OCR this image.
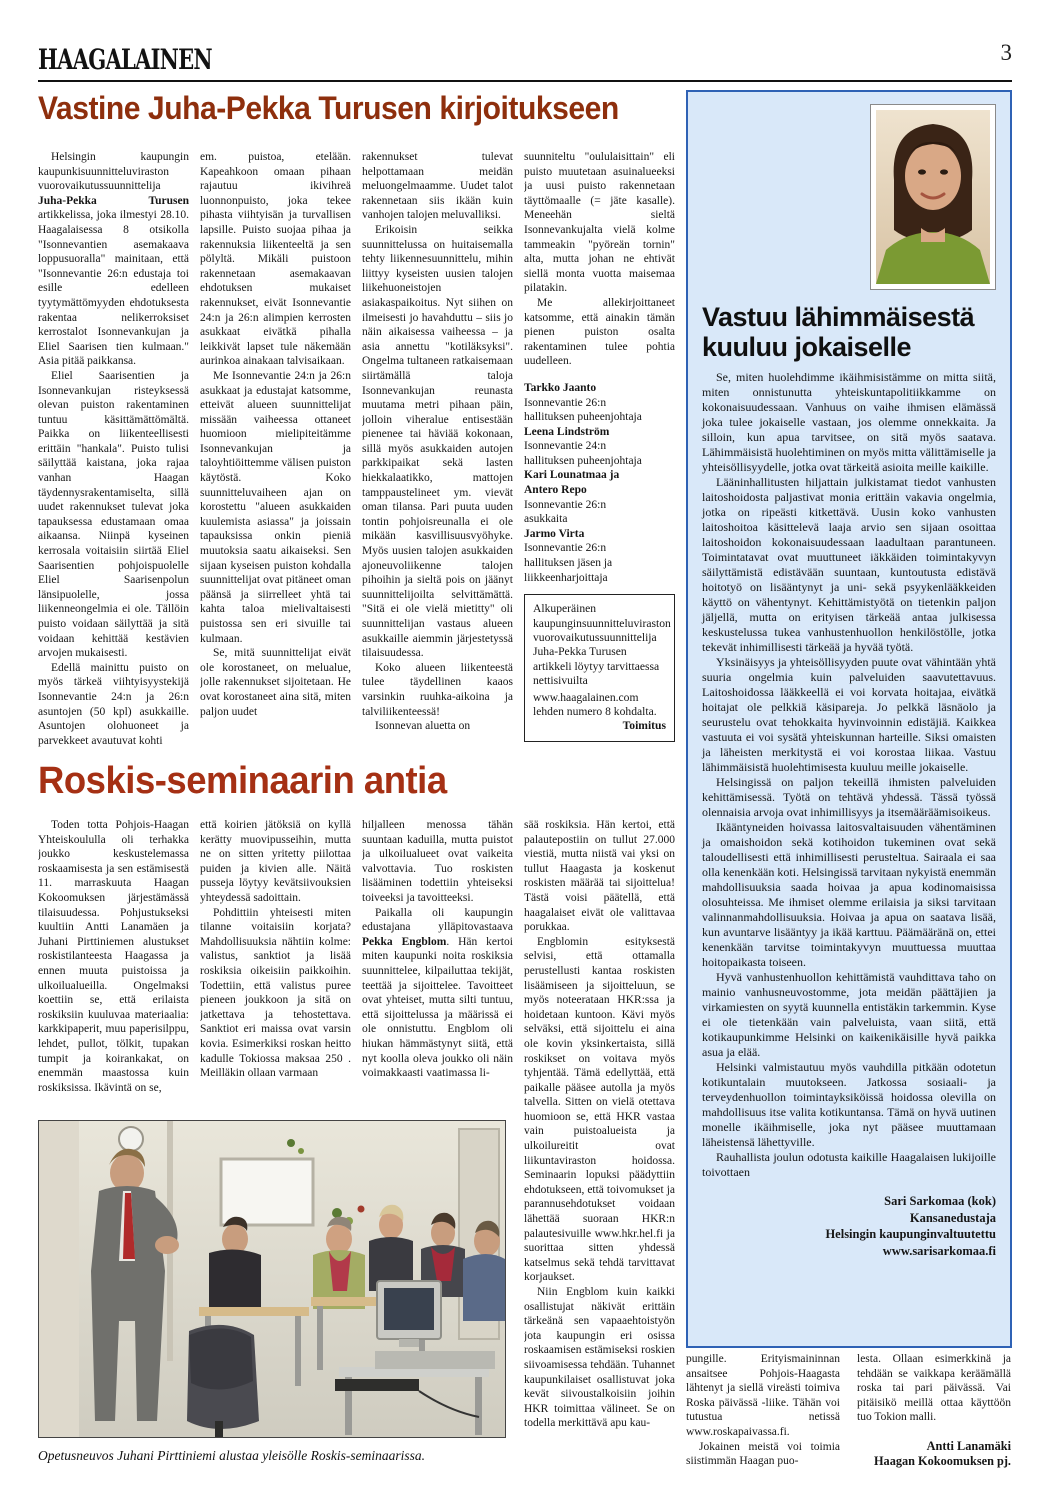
HAAGALAINEN	3
Vastine Juha-Pekka Turusen kirjoitukseen

Helsingin kaupungin kaupunkisuunnitteluviraston vuorovaikutussuunnittelija Juha-Pekka Turusen artikkelissa, joka ilmestyi 28.10. Haagalaisessa 8 otsikolla "Isonnevantien asemakaava loppusuoralla" mainitaan, että "Isonnevantie 26:n edustaja toi esille edelleen tyytymättömyyden ehdotuksesta rakentaa nelikerroksiset kerrostalot Isonnevankujan ja Eliel Saarisen tien kulmaan." Asia pitää paikkansa.

Eliel Saarisentien ja Isonnevankujan risteyksessä olevan puiston rakentaminen tuntuu käsittämättömältä. Paikka on liikenteellisesti erittäin "hankala". Puisto tulisi säilyttää kaistana, joka rajaa vanhan Haagan täydennysrakentamiselta, sillä uudet rakennukset tulevat joka tapauksessa edustamaan omaa aikaansa. Niinpä kyseinen kerrosala voitaisiin siirtää Eliel Saarisentien pohjoispuolelle Eliel Saarisenpolun länsipuolelle, jossa liikenneongelmia ei ole. Tällöin puisto voidaan säilyttää ja sitä voidaan kehittää kestävien arvojen mukaisesti.

Edellä mainittu puisto on myös tärkeä viihtyisyystekijä Isonnevantie 24:n ja 26:n asuntojen (50 kpl) asukkaille. Asuntojen olohuoneet ja parvekkeet avautuvat kohti

em. puistoa, etelään. Kapeahkoon omaan pihaan rajautuu ikivihreä luonnonpuisto, joka tekee pihasta viihtyisän ja turvallisen lapsille. Puisto suojaa pihaa ja rakennuksia liikenteeltä ja sen pölyltä. Mikäli puistoon rakennetaan asemakaavan ehdotuksen mukaiset rakennukset, eivät Isonnevantie 24:n ja 26:n alimpien kerrosten asukkaat eivätkä pihalla leikkivät lapset tule näkemään aurinkoa ainakaan talvisaikaan.

Me Isonnevantie 24:n ja 26:n asukkaat ja edustajat katsomme, etteivät alueen suunnittelijat missään vaiheessa ottaneet huomioon mielipiteitämme Isonnevankujan ja taloyhtiöittemme välisen puiston käytöstä. Koko suunnitteluvaiheen ajan on korostettu "alueen asukkaiden kuulemista asiassa" ja joissain tapauksissa onkin pieniä muutoksia saatu aikaiseksi. Sen sijaan kyseisen puiston kohdalla suunnittelijat ovat pitäneet oman päänsä ja siirrelleet yhtä tai kahta taloa mielivaltaisesti puistossa sen eri sivuille tai kulmaan.

Se, mitä suunnittelijat eivät ole korostaneet, on melualue, jolle rakennukset sijoitetaan. He ovat korostaneet aina sitä, miten paljon uudet

rakennukset tulevat helpottamaan meidän meluongelmaamme. Uudet talot rakennetaan siis ikään kuin vanhojen talojen meluvalliksi.

Erikoisin seikka suunnittelussa on huitaisemalla tehty liikennesuunnittelu, mihin liittyy kyseisten uusien talojen liikehuoneistojen asiakaspaikoitus. Nyt siihen on ilmeisesti jo havahduttu – siis jo näin aikaisessa vaiheessa – ja asia annettu "kotiläksyksi". Ongelma tultaneen ratkaisemaan siirtämällä taloja Isonnevankujan reunasta muutama metri pihaan päin, jolloin viheralue entisestään pienenee tai häviää kokonaan, sillä myös asukkaiden autojen parkkipaikat sekä lasten hiekkalaatikko, mattojen tamppaustelineet ym. vievät oman tilansa. Pari puuta uuden tontin pohjoisreunalla ei ole mikään kasvillisuusvyöhyke. Myös uusien talojen asukkaiden ajoneuvoliikenne talojen pihoihin ja sieltä pois on jäänyt suunnittelijoilta selvittämättä. "Sitä ei ole vielä mietitty" oli suunnittelijan vastaus alueen asukkaille aiemmin järjestetyssä tilaisuudessa.

Koko alueen liikenteestä tulee täydellinen kaaos varsinkin ruuhka-aikoina ja talviliikenteessä!

Isonnevan aluetta on

suunniteltu "oululaisittain" eli puisto muutetaan asuinalueeksi ja uusi puisto rakennetaan täyttömaalle (= jäte kasalle). Meneehän sieltä Isonnevankujalta vielä kolme tammeakin "pyöreän tornin" alta, mutta johan ne ehtivät siellä monta vuotta maisemaa pilatakin.

Me allekirjoittaneet katsomme, että ainakin tämän pienen puiston osalta rakentaminen tulee pohtia uudelleen.

Tarkko Jaanto
Isonnevantie 26:n
hallituksen puheenjohtaja
Leena Lindström
Isonnevantie 24:n
hallituksen puheenjohtaja
Kari Lounatmaa ja
Antero Repo
Isonnevantie 26:n
asukkaita
Jarmo Virta
Isonnevantie 26:n
hallituksen jäsen ja
liikkeenharjoittaja
Alkuperäinen kaupunginsuunnitteluviraston vuorovaikutussuunnittelija Juha-Pekka Turusen artikkeli löytyy tarvittaessa nettisivuilta
www.haagalainen.com
lehden numero 8 kohdalta.
Toimitus
Vastuu lähimmäisestä kuuluu jokaiselle

Se, miten huolehdimme ikäihmisistämme on mitta siitä, miten onnistunutta yhteiskuntapolitiikkamme on kokonaisuudessaan. Vanhuus on vaihe ihmisen elämässä joka tulee jokaiselle vastaan, jos olemme onnekkaita. Ja silloin, kun apua tarvitsee, on sitä myös saatava. Lähimmäisistä huolehtiminen on myös mitta välittämiselle ja yhteisöllisyydelle, jotka ovat tärkeitä asioita meille kaikille.

Lääninhallitusten hiljattain julkistamat tiedot vanhusten laitoshoidosta paljastivat monia erittäin vakavia ongelmia, jotka on ripeästi kitkettävä. Uusin koko vanhusten laitoshoitoa käsittelevä laaja arvio sen sijaan osoittaa laitoshoidon kokonaisuudessaan laadultaan parantuneen. Toimintatavat ovat muuttuneet iäkkäiden toimintakyvyn säilyttämistä edistävään suuntaan, kuntoutusta edistävä hoitotyö on lisääntynyt ja uni- sekä psyykenlääkkeiden käyttö on vähentynyt. Kehittämistyötä on tietenkin paljon jäljellä, mutta on erityisen tärkeää antaa julkisessa keskustelussa tukea vanhustenhuollon henkilöstölle, jotka tekevät inhimillisesti tärkeää ja hyvää työtä.

Yksinäisyys ja yhteisöllisyyden puute ovat vähintään yhtä suuria ongelmia kuin palveluiden saavutettavuus. Laitoshoidossa lääkkeellä ei voi korvata hoitajaa, eivätkä hoitajat ole pelkkiä käsipareja. Jo pelkkä läsnäolo ja seurustelu ovat tehokkaita hyvinvoinnin edistäjiä. Kaikkea vastuuta ei voi sysätä yhteiskunnan harteille. Siksi omaisten ja läheisten merkitystä ei voi korostaa liikaa. Vastuu lähimmäisistä huolehtimisesta kuuluu meille jokaiselle.

Helsingissä on paljon tekeillä ihmisten palveluiden kehittämisessä. Työtä on tehtävä yhdessä. Tässä työssä olennaisia arvoja ovat inhimillisyys ja itsemääräämisoikeus.

Ikääntyneiden hoivassa laitosvaltaisuuden vähentäminen ja omaishoidon sekä kotihoidon tukeminen ovat sekä taloudellisesti että inhimillisesti perusteltua. Sairaala ei saa olla kenenkään koti. Helsingissä tarvitaan nykyistä enemmän mahdollisuuksia saada hoivaa ja apua kodinomaisissa olosuhteissa. Me ihmiset olemme erilaisia ja siksi tarvitaan valinnanmahdollisuuksia. Hoivaa ja apua on saatava lisää, kun avuntarve lisääntyy ja ikää karttuu. Päämääränä on, ettei kenenkään tarvitse toimintakyvyn muuttuessa muuttaa hoitopaikasta toiseen.

Hyvä vanhustenhuollon kehittämistä vauhdittava taho on mainio vanhusneuvostomme, jota meidän päättäjien ja virkamiesten on syytä kuunnella entistäkin tarkemmin. Kyse ei ole tietenkään vain palveluista, vaan siitä, että kotikaupunkimme Helsinki on kaikenikäisille hyvä paikka asua ja elää.

Helsinki valmistautuu myös vauhdilla pitkään odotetun kotikuntalain muutokseen. Jatkossa sosiaali- ja terveydenhuollon toimintayksiköissä hoidossa olevilla on mahdollisuus itse valita kotikuntansa. Tämä on hyvä uutinen monelle ikäihmiselle, joka nyt pääsee muuttamaan läheistensä lähettyville.

Rauhallista joulun odotusta kaikille Haagalaisen lukijoille toivottaen

Sari Sarkomaa (kok)
Kansanedustaja
Helsingin kaupunginvaltuutettu
www.sarisarkomaa.fi
Roskis-seminaarin antia

Toden totta Pohjois-Haagan Yhteiskoululla oli terhakka joukko keskustelemassa roskaamisesta ja sen estämisestä 11. marraskuuta Haagan Kokoomuksen järjestämässä tilaisuudessa. Pohjustukseksi kuultiin Antti Lanamäen ja Juhani Pirttiniemen alustukset roskistilanteesta Haagassa ja ennen muuta puistoissa ja ulkoilualueilla. Ongelmaksi koettiin se, että erilaista roskiksiin kuuluvaa materiaalia: karkkipaperit, muu paperisilppu, lehdet, pullot, tölkit, tupakan tumpit ja koirankakat, on enemmän maastossa kuin roskiksissa. Ikävintä on se,

että koirien jätöksiä on kyllä kerätty muovipusseihin, mutta ne on sitten yritetty piilottaa puiden ja kivien alle. Näitä pusseja löytyy kevätsiivouksien yhteydessä sadoittain.

Pohdittiin yhteisesti miten tilanne voitaisiin korjata? Mahdollisuuksia nähtiin kolme: valistus, sanktiot ja lisää roskiksia oikeisiin paikkoihin. Todettiin, että valistus puree pieneen joukkoon ja sitä on jatkettava ja tehostettava. Sanktiot eri maissa ovat varsin kovia. Esimerkiksi roskan heitto kadulle Tokiossa maksaa 250 . Meilläkin ollaan varmaan

hiljalleen menossa tähän suuntaan kaduilla, mutta puistot ja ulkoilualueet ovat vaikeita valvottavia. Tuo roskisten lisääminen todettiin yhteiseksi toiveeksi ja tavoitteeksi.

Paikalla oli kaupungin edustajana ylläpitovastaava Pekka Engblom. Hän kertoi miten kaupunki noita roskiksia suunnittelee, kilpailuttaa tekijät, teettää ja sijoittelee. Tavoitteet ovat yhteiset, mutta silti tuntuu, että sijoittelussa ja määrissä ei ole onnistuttu. Engblom oli hiukan hämmästynyt siitä, että nyt koolla oleva joukko oli näin voimakkaasti vaatimassa li-

sää roskiksia. Hän kertoi, että palautepostiin on tullut 27.000 viestiä, mutta niistä vai yksi on tullut Haagasta ja koskenut roskisten määrää tai sijoittelua! Tästä voisi päätellä, että haagalaiset eivät ole valittavaa porukkaa.

Engblomin esityksestä selvisi, että ottamalla perustellusti kantaa roskisten lisäämiseen ja sijoitteluun, se myös noteerataan HKR:ssa ja hoidetaan kuntoon. Kävi myös selväksi, että sijoittelu ei aina ole kovin yksinkertaista, sillä roskikset on voitava myös tyhjentää. Tämä edellyttää, että paikalle pääsee autolla ja myös talvella. Sitten on vielä otettava huomioon se, että HKR vastaa vain puistoalueista ja ulkoilureitit ovat liikuntaviraston hoidossa. Seminaarin lopuksi päädyttiin ehdotukseen, että toivomukset ja parannusehdotukset voidaan lähettää suoraan HKR:n palautesivuille www.hkr.hel.fi ja suorittaa sitten yhdessä katselmus sekä tehdä tarvittavat korjaukset.

Niin Engblom kuin kaikki osallistujat näkivät erittäin tärkeänä sen vapaaehtoistyön jota kaupungin eri osissa roskaamisen estämiseksi roskien siivoamisessa tehdään. Tuhannet kaupunkilaiset osallistuvat joka kevät siivoustalkoisiin joihin HKR toimittaa välineet. Se on todella merkittävä apu kau-

Opetusneuvos Juhani Pirttiniemi alustaa yleisölle Roskis-seminaarissa.

pungille. Erityismaininnan ansaitsee Pohjois-Haagasta lähtenyt ja siellä vireästi toimiva Roska päivässä -liike. Tähän voi tutustua netissä www.roskapaivassa.fi.

Jokainen meistä voi toimia siistimmän Haagan puo-

lesta. Ollaan esimerkkinä ja tehdään se vaikkapa keräämällä roska tai pari päivässä. Vai pitäisikö meillä ottaa käyttöön tuo Tokion malli.

Antti Lanamäki
Haagan Kokoomuksen pj.
